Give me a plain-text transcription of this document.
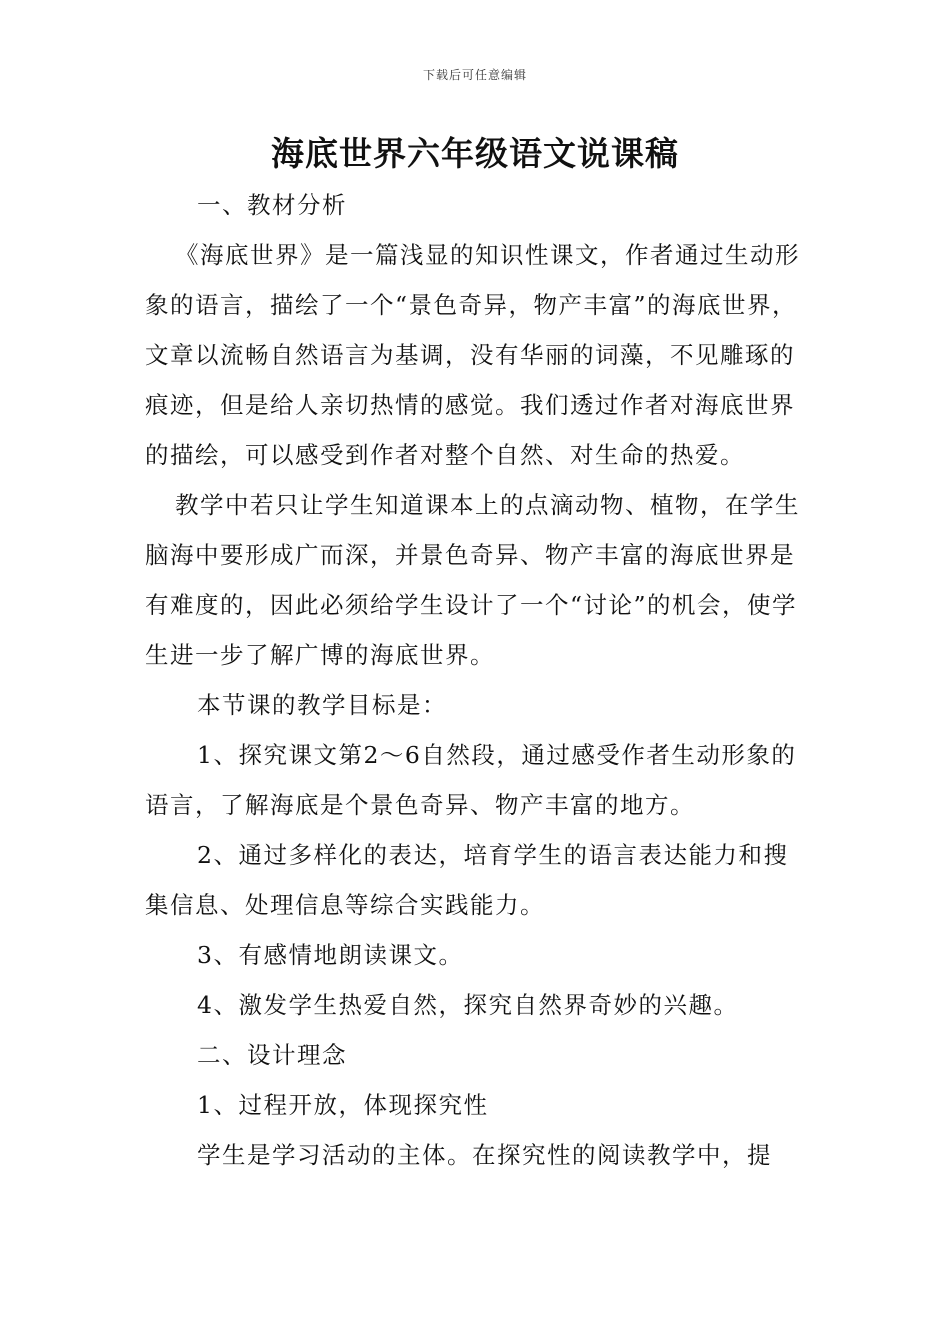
下载后可任意编辑
海底世界六年级语文说课稿

一、教材分析

《海底世界》是一篇浅显的知识性课文，作者通过生动形象的语言，描绘了一个“景色奇异，物产丰富”的海底世界，文章以流畅自然语言为基调，没有华丽的词藻，不见雕琢的痕迹，但是给人亲切热情的感觉。我们透过作者对海底世界的描绘，可以感受到作者对整个自然、对生命的热爱。

教学中若只让学生知道课本上的点滴动物、植物，在学生脑海中要形成广而深，并景色奇异、物产丰富的海底世界是有难度的，因此必须给学生设计了一个“讨论”的机会，使学生进一步了解广博的海底世界。

本节课的教学目标是：

1、探究课文第2～6自然段，通过感受作者生动形象的语言，了解海底是个景色奇异、物产丰富的地方。

2、通过多样化的表达，培育学生的语言表达能力和搜集信息、处理信息等综合实践能力。

3、有感情地朗读课文。

4、激发学生热爱自然，探究自然界奇妙的兴趣。

二、设计理念

1、过程开放，体现探究性

学生是学习活动的主体。在探究性的阅读教学中，提
